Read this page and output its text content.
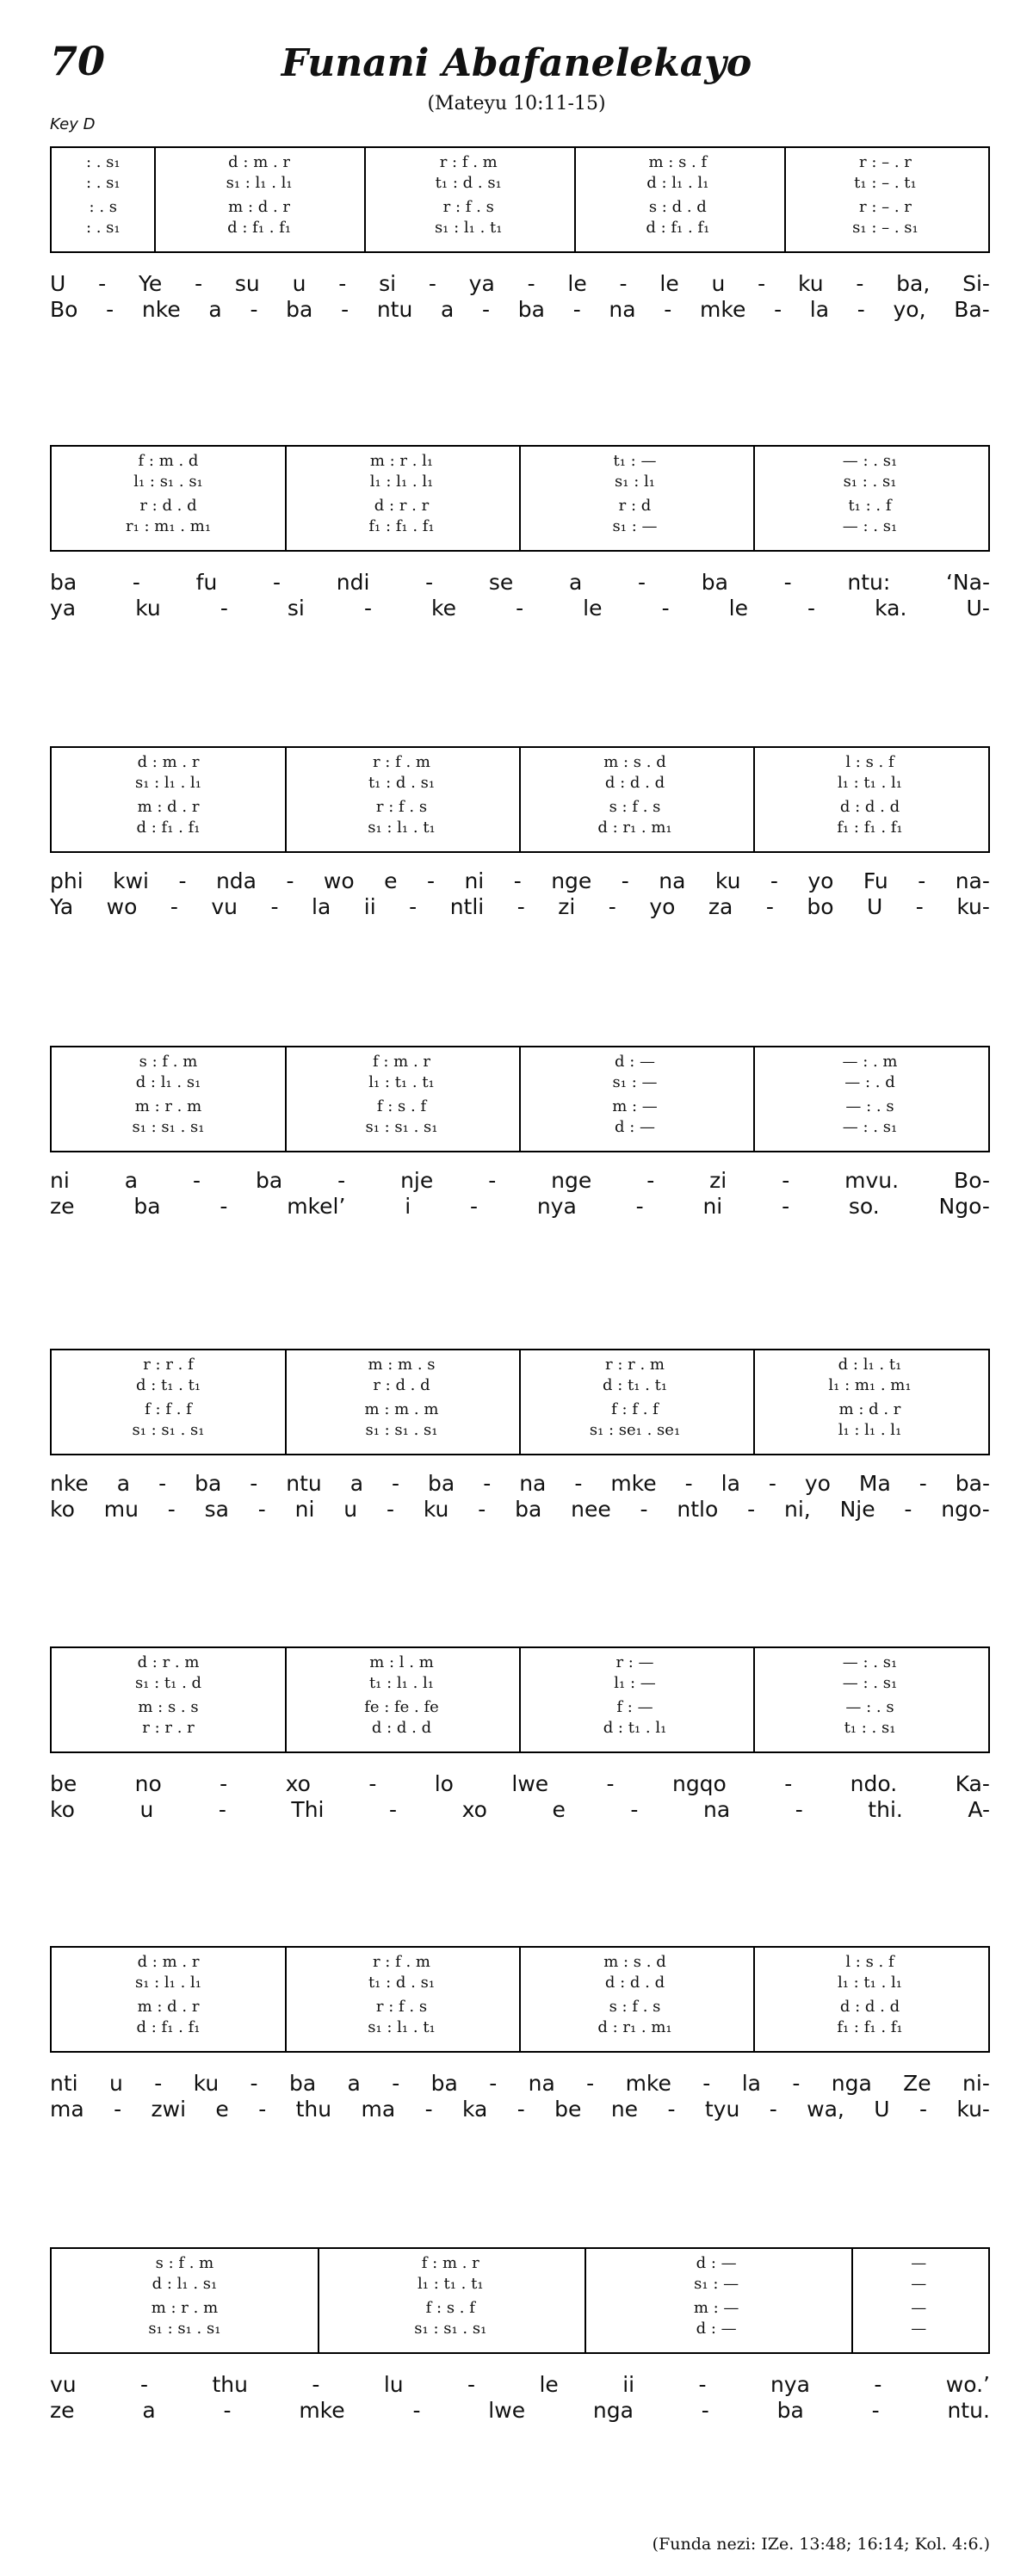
70	Funani Abafanelekayo
(Mateyu 10:11-15)
Key D
U - Ye - su u - si - ya - le - le u - ku - ba, Si-
Bo - nke a - ba - ntu a - ba - na - mke - la - yo, Ba-
: . s₁	d : m . r	r : f . m	m : s . f	r : – . r
: . s₁	s₁ : l₁ . l₁	t₁ : d . s₁	d : l₁ . l₁	t₁ : – . t₁
: . s	m : d . r	r : f . s	s : d . d	r : – . r
: . s₁	d : f₁ . f₁	s₁ : l₁ . t₁	d : f₁ . f₁	s₁ : – . s₁
ba	-	fu	-	ndi	-	se	a	-	ba	-	ntu:	‘Na-
ya	ku	-	si	-	ke	-	le	-	le	-	ka.	U-
f : m . d	m : r . l₁	t₁ : —	— : . s₁
l₁ : s₁ . s₁	l₁ : l₁ . l₁	s₁ : l₁	s₁ : . s₁
r : d . d	d : r . r	r : d	t₁ : . f
r₁ : m₁ . m₁	f₁ : f₁ . f₁	s₁ : —	— : . s₁
phi kwi - nda - wo e - ni - nge - na ku - yo Fu - na-
Ya wo - vu - la ii - ntli - zi - yo za - bo U - ku-
d : m . r	r : f . m	m : s . d	l : s . f
s₁ : l₁ . l₁	t₁ : d . s₁	d : d . d	l₁ : t₁ . l₁
m : d . r	r : f . s	s : f . s	d : d . d
d : f₁ . f₁	s₁ : l₁ . t₁	d : r₁ . m₁	f₁ : f₁ . f₁
ni	a	-	ba	-	nje	-	nge	-	zi	-	mvu.	Bo-
ze	ba	-	mkel’	i	-	nya	-	ni	-	so.	Ngo-
s : f . m	f : m . r	d : —	— : . m
d : l₁ . s₁	l₁ : t₁ . t₁	s₁ : —	— : . d
m : r . m	f : s . f	m : —	— : . s
s₁ : s₁ . s₁	s₁ : s₁ . s₁	d : —	— : . s₁
nke a - ba - ntu a - ba - na - mke - la - yo Ma - ba-
ko mu - sa - ni u - ku - ba nee - ntlo - ni, Nje - ngo-
r : r . f	m : m . s	r : r . m	d : l₁ . t₁
d : t₁ . t₁	r : d . d	d : t₁ . t₁	l₁ : m₁ . m₁
f : f . f	m : m . m	f : f . f	m : d . r
s₁ : s₁ . s₁	s₁ : s₁ . s₁	s₁ : se₁ . se₁	l₁ : l₁ . l₁
be	no	-	xo	-	lo	lwe	-	ngqo	-	ndo.	Ka-
ko	u	-	Thi	-	xo	e	-	na	-	thi.	A-
d : r . m	m : l . m	r : —	— : . s₁
s₁ : t₁ . d	t₁ : l₁ . l₁	l₁ : —	— : . s₁
m : s . s	fe : fe . fe	f : —	— : . s
r : r . r	d : d . d	d : t₁ . l₁	t₁ : . s₁
nti u - ku - ba a - ba - na - mke - la - nga Ze ni-
ma - zwi e - thu ma - ka - be ne - tyu - wa, U - ku-
d : m . r	r : f . m	m : s . d	l : s . f
s₁ : l₁ . l₁	t₁ : d . s₁	d : d . d	l₁ : t₁ . l₁
m : d . r	r : f . s	s : f . s	d : d . d
d : f₁ . f₁	s₁ : l₁ . t₁	d : r₁ . m₁	f₁ : f₁ . f₁
vu	-	thu	-	lu	-	le	ii	-	nya	-	wo.’
ze	a	-	mke	-	lwe	nga	-	ba	-	ntu.
s : f . m	f : m . r	d : —	—
d : l₁ . s₁	l₁ : t₁ . t₁	s₁ : —	—
m : r . m	f : s . f	m : —	—
s₁ : s₁ . s₁	s₁ : s₁ . s₁	d : —	—
(Funda nezi: IZe. 13:48; 16:14; Kol. 4:6.)
